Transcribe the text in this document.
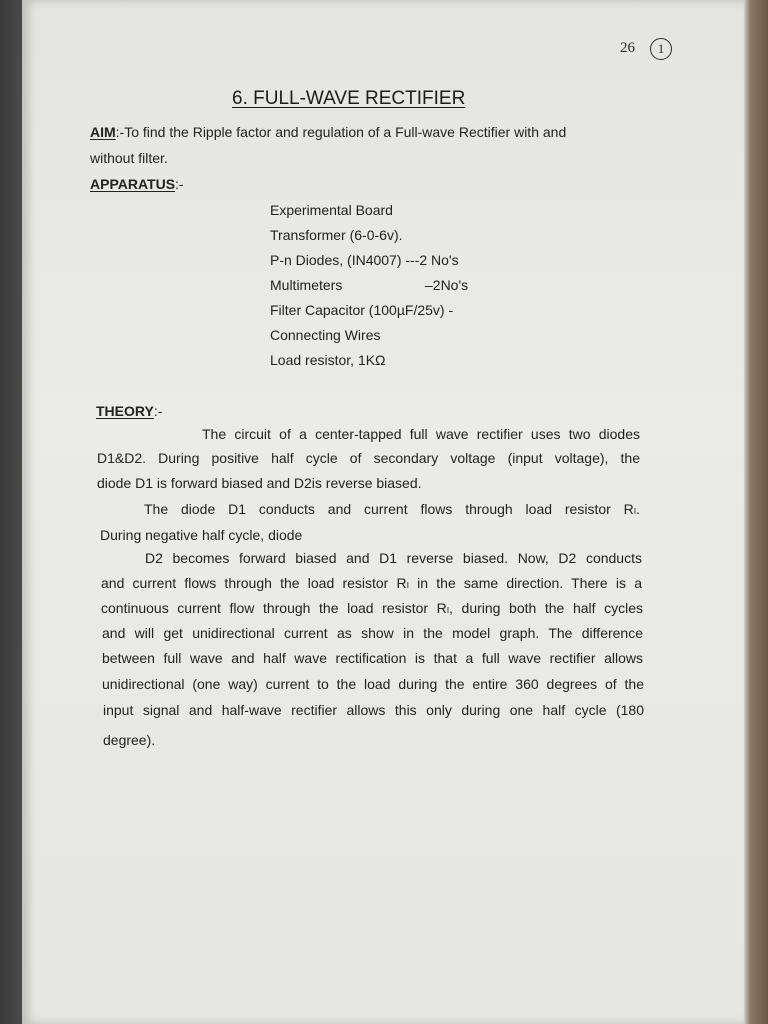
26	1
6. FULL-WAVE RECTIFIER
AIM:-To find the Ripple factor and regulation of a Full-wave Rectifier with and
without filter.
APPARATUS:-
Experimental Board
Transformer (6-0-6v).
P-n Diodes, (IN4007) ---2 No's
Multimeters	–2No's
Filter Capacitor (100µF/25v) -
Connecting Wires
Load resistor, 1KΩ
THEORY:-
The circuit of a center-tapped full wave rectifier uses two diodes
D1&D2. During positive half cycle of secondary voltage (input voltage), the
diode D1 is forward biased and D2is reverse biased.
The diode D1 conducts and current flows through load resistor Rₗ.
During negative half cycle, diode
D2 becomes forward biased and D1 reverse biased. Now, D2 conducts
and current flows through the load resistor Rₗ in the same direction. There is a
continuous current flow through the load resistor Rₗ, during both the half cycles
and will get unidirectional current as show in the model graph. The difference
between full wave and half wave rectification is that a full wave rectifier allows
unidirectional (one way) current to the load during the entire 360 degrees of the
input signal and half-wave rectifier allows this only during one half cycle (180
degree).
